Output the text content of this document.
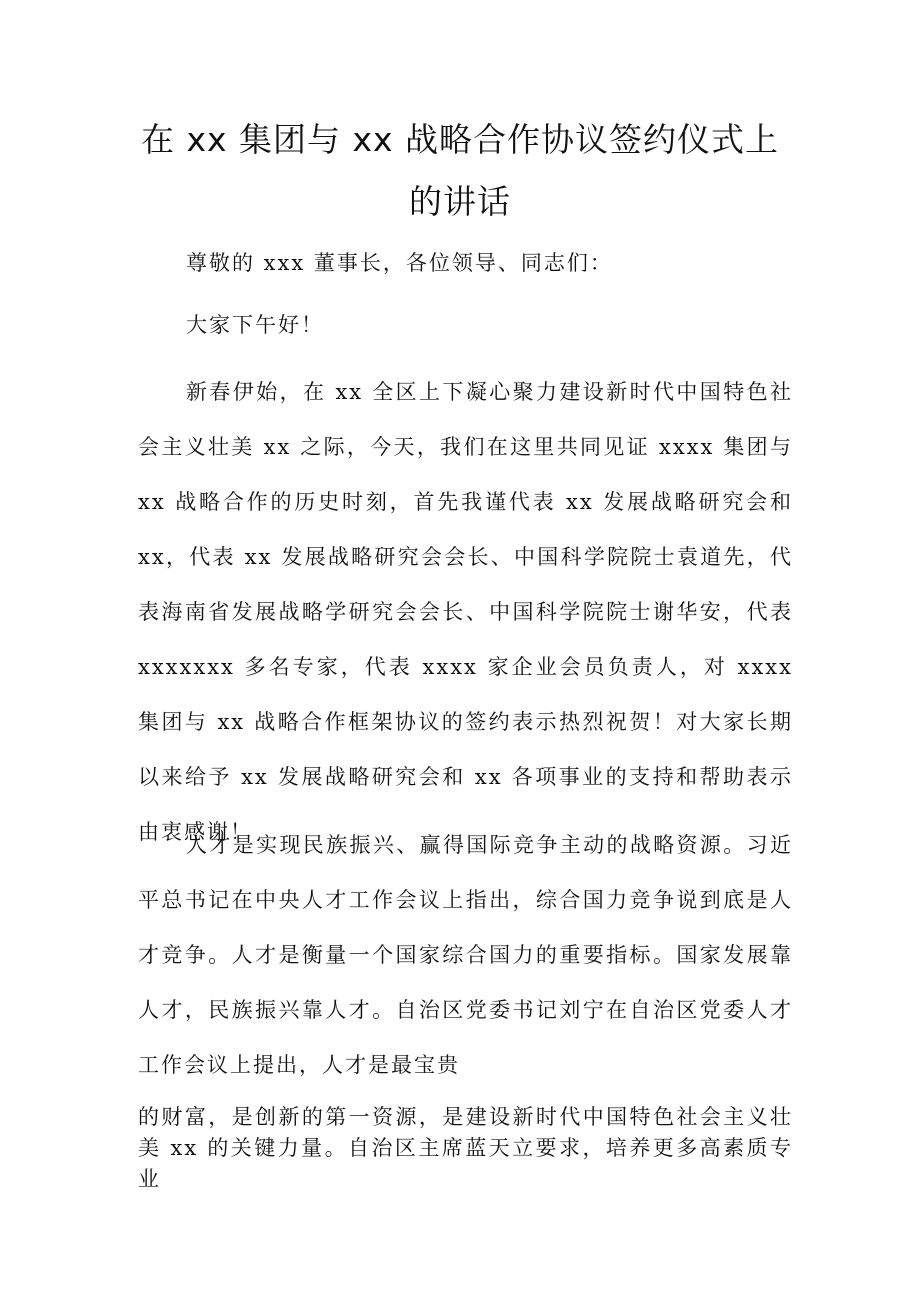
在 xx 集团与 xx 战略合作协议签约仪式上
的讲话

尊敬的 xxx 董事长，各位领导、同志们：

大家下午好！

新春伊始，在 xx 全区上下凝心聚力建设新时代中国特色社会主义壮美 xx 之际，今天，我们在这里共同见证 xxxx 集团与 xx 战略合作的历史时刻，首先我谨代表 xx 发展战略研究会和 xx，代表 xx 发展战略研究会会长、中国科学院院士袁道先，代表海南省发展战略学研究会会长、中国科学院院士谢华安，代表 xxxxxxx 多名专家，代表 xxxx 家企业会员负责人，对 xxxx 集团与 xx 战略合作框架协议的签约表示热烈祝贺！对大家长期以来给予 xx 发展战略研究会和 xx 各项事业的支持和帮助表示由衷感谢！

人才是实现民族振兴、赢得国际竞争主动的战略资源。习近平总书记在中央人才工作会议上指出，综合国力竞争说到底是人才竞争。人才是衡量一个国家综合国力的重要指标。国家发展靠人才，民族振兴靠人才。自治区党委书记刘宁在自治区党委人才工作会议上提出，人才是最宝贵

的财富，是创新的第一资源，是建设新时代中国特色社会主义壮美 xx 的关键力量。自治区主席蓝天立要求，培养更多高素质专业
